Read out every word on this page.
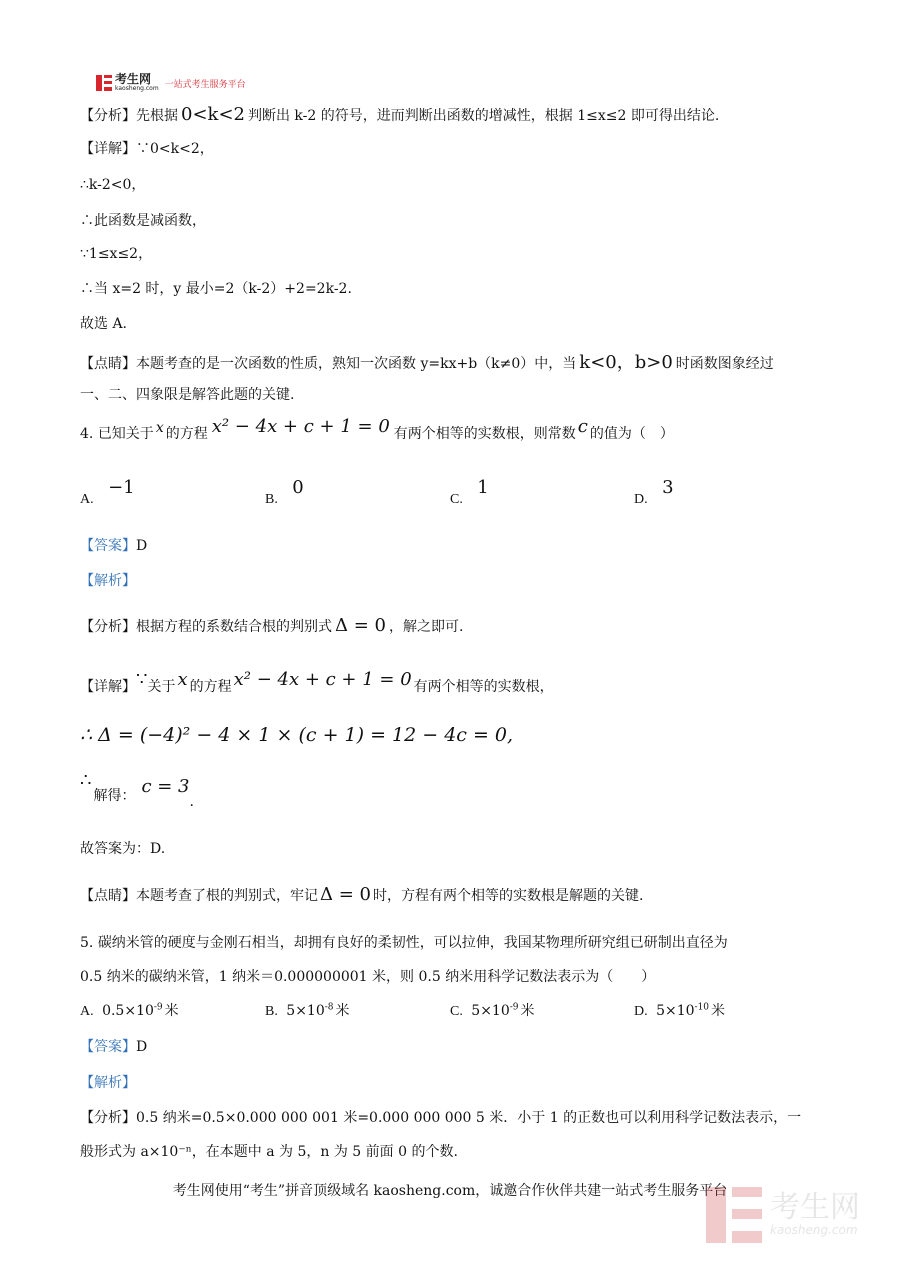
考生网
kaosheng.com 一站式考生服务平台
【分析】先根据 0<k<2 判断出 k-2 的符号，进而判断出函数的增减性，根据 1≤x≤2 即可得出结论.
【详解】∵0<k<2，
∴k-2<0，
∴此函数是减函数，
∵1≤x≤2，
∴当 x=2 时，y 最小=2（k-2）+2=2k-2.
故选 A.
【点睛】本题考查的是一次函数的性质，熟知一次函数 y=kx+b（k≠0）中，当 k<0，b>0 时函数图象经过
一、二、四象限是解答此题的关键.
4. 已知关于 x 的方程 x² − 4x + c + 1 = 0 有两个相等的实数根，则常数 c 的值为（　）
A. −1
B. 0
C. 1
D. 3
【答案】D
【解析】
【分析】根据方程的系数结合根的判别式 Δ = 0 ，解之即可.
【详解】∵关于 x 的方程 x² − 4x + c + 1 = 0 有两个相等的实数根，
∴ Δ = (−4)² − 4 × 1 × (c + 1) = 12 − 4c = 0,
∴解得： c = 3.
故答案为：D.
【点睛】本题考查了根的判别式，牢记 Δ = 0 时，方程有两个相等的实数根是解题的关键.
5. 碳纳米管的硬度与金刚石相当，却拥有良好的柔韧性，可以拉伸，我国某物理所研究组已研制出直径为
0.5 纳米的碳纳米管，1 纳米＝0.000000001 米，则 0.5 纳米用科学记数法表示为（　　）
A. $0.5\times 10^{-9}$ 米	B. $5\times 10^{-8}$ 米	C. $5\times 10^{-9}$ 米	D. $5\times 10^{-10}$ 米
【答案】D
【解析】
【分析】0.5 纳米=0.5×0.000 000 001 米=0.000 000 000 5 米．小于 1 的正数也可以利用科学记数法表示，一
般形式为 a×10⁻ⁿ，在本题中 a 为 5，n 为 5 前面 0 的个数.
考生网使用“考生”拼音顶级域名 kaosheng.com，诚邀合作伙伴共建一站式考生服务平台	考生网
kaosheng.com
